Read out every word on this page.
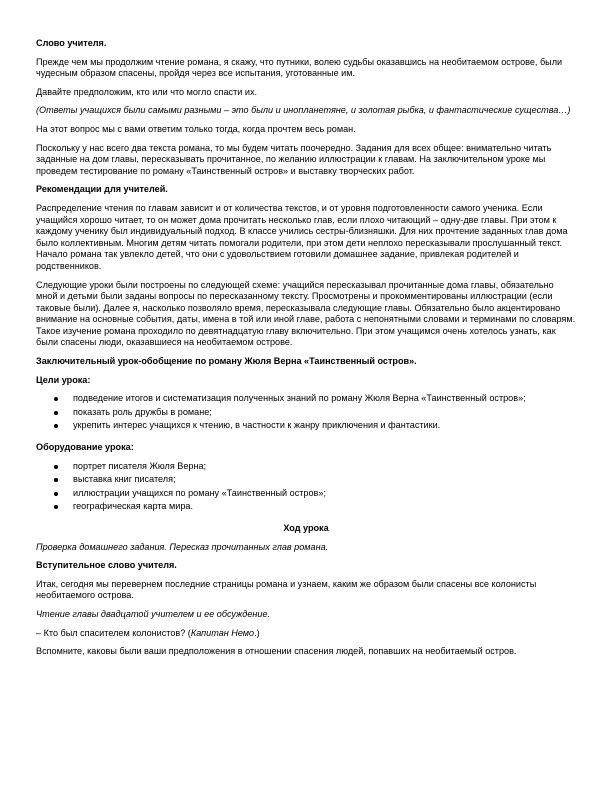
Слово учителя.

Прежде чем мы продолжим чтение романа, я скажу, что путники, волею судьбы оказавшись на необитаемом острове, были чудесным образом спасены, пройдя через все испытания, уготованные им.

Давайте предположим, кто или что могло спасти их.

(Ответы учащихся были самыми разными – это были и инопланетяне, и золотая рыбка, и фантастические существа…)

На этот вопрос мы с вами ответим только тогда, когда прочтем весь роман.

Поскольку у нас всего два текста романа, то мы будем читать поочередно. Задания для всех общее: внимательно читать заданные на дом главы, пересказывать прочитанное, по желанию иллюстрации к главам. На заключительном уроке мы проведем тестирование по роману «Таинственный остров» и выставку творческих работ.

Рекомендации для учителей.

Распределение чтения по главам зависит и от количества текстов, и от уровня подготовленности самого ученика. Если учащийся хорошо читает, то он может дома прочитать несколько глав, если плохо читающий – одну-две главы. При этом к каждому ученику был индивидуальный подход. В классе учились сестры-близняшки. Для них прочтение заданных глав дома было коллективным. Многим детям читать помогали родители, при этом дети неплохо пересказывали прослушанный текст. Начало романа так увлекло детей, что они с удовольствием готовили домашнее задание, привлекая родителей и родственников.

Следующие уроки были построены по следующей схеме: учащийся пересказывал прочитанные дома главы, обязательно мной и детьми были заданы вопросы по пересказанному тексту. Просмотрены и прокомментированы иллюстрации (если таковые были). Далее я, насколько позволяло время, пересказывала следующие главы. Обязательно было акцентировано внимание на основные события, даты, имена в той или иной главе, работа с непонятными словами и терминами по словарям. Такое изучение романа проходило по девятнадцатую главу включительно. При этом учащимся очень хотелось узнать, как были спасены люди, оказавшиеся на необитаемом острове.

Заключительный урок-обобщение по роману Жюля Верна «Таинственный остров».

Цели урока:

подведение итогов и систематизация полученных знаний по роману Жюля Верна «Таинственный остров»;
показать роль дружбы в романе;
укрепить интерес учащихся к чтению, в частности к жанру приключения и фантастики.

Оборудование урока:

портрет писателя Жюля Верна;
выставка книг писателя;
иллюстрации учащихся по роману «Таинственный остров»;
географическая карта мира.

Ход урока

Проверка домашнего задания. Пересказ прочитанных глав романа.

Вступительное слово учителя.

Итак, сегодня мы перевернем последние страницы романа и узнаем, каким же образом были спасены все колонисты необитаемого острова.

Чтение главы двадцатой учителем и ее обсуждение.

– Кто был спасителем колонистов? (Капитан Немо.)

Вспомните, каковы были ваши предположения в отношении спасения людей, попавших на необитаемый остров.
